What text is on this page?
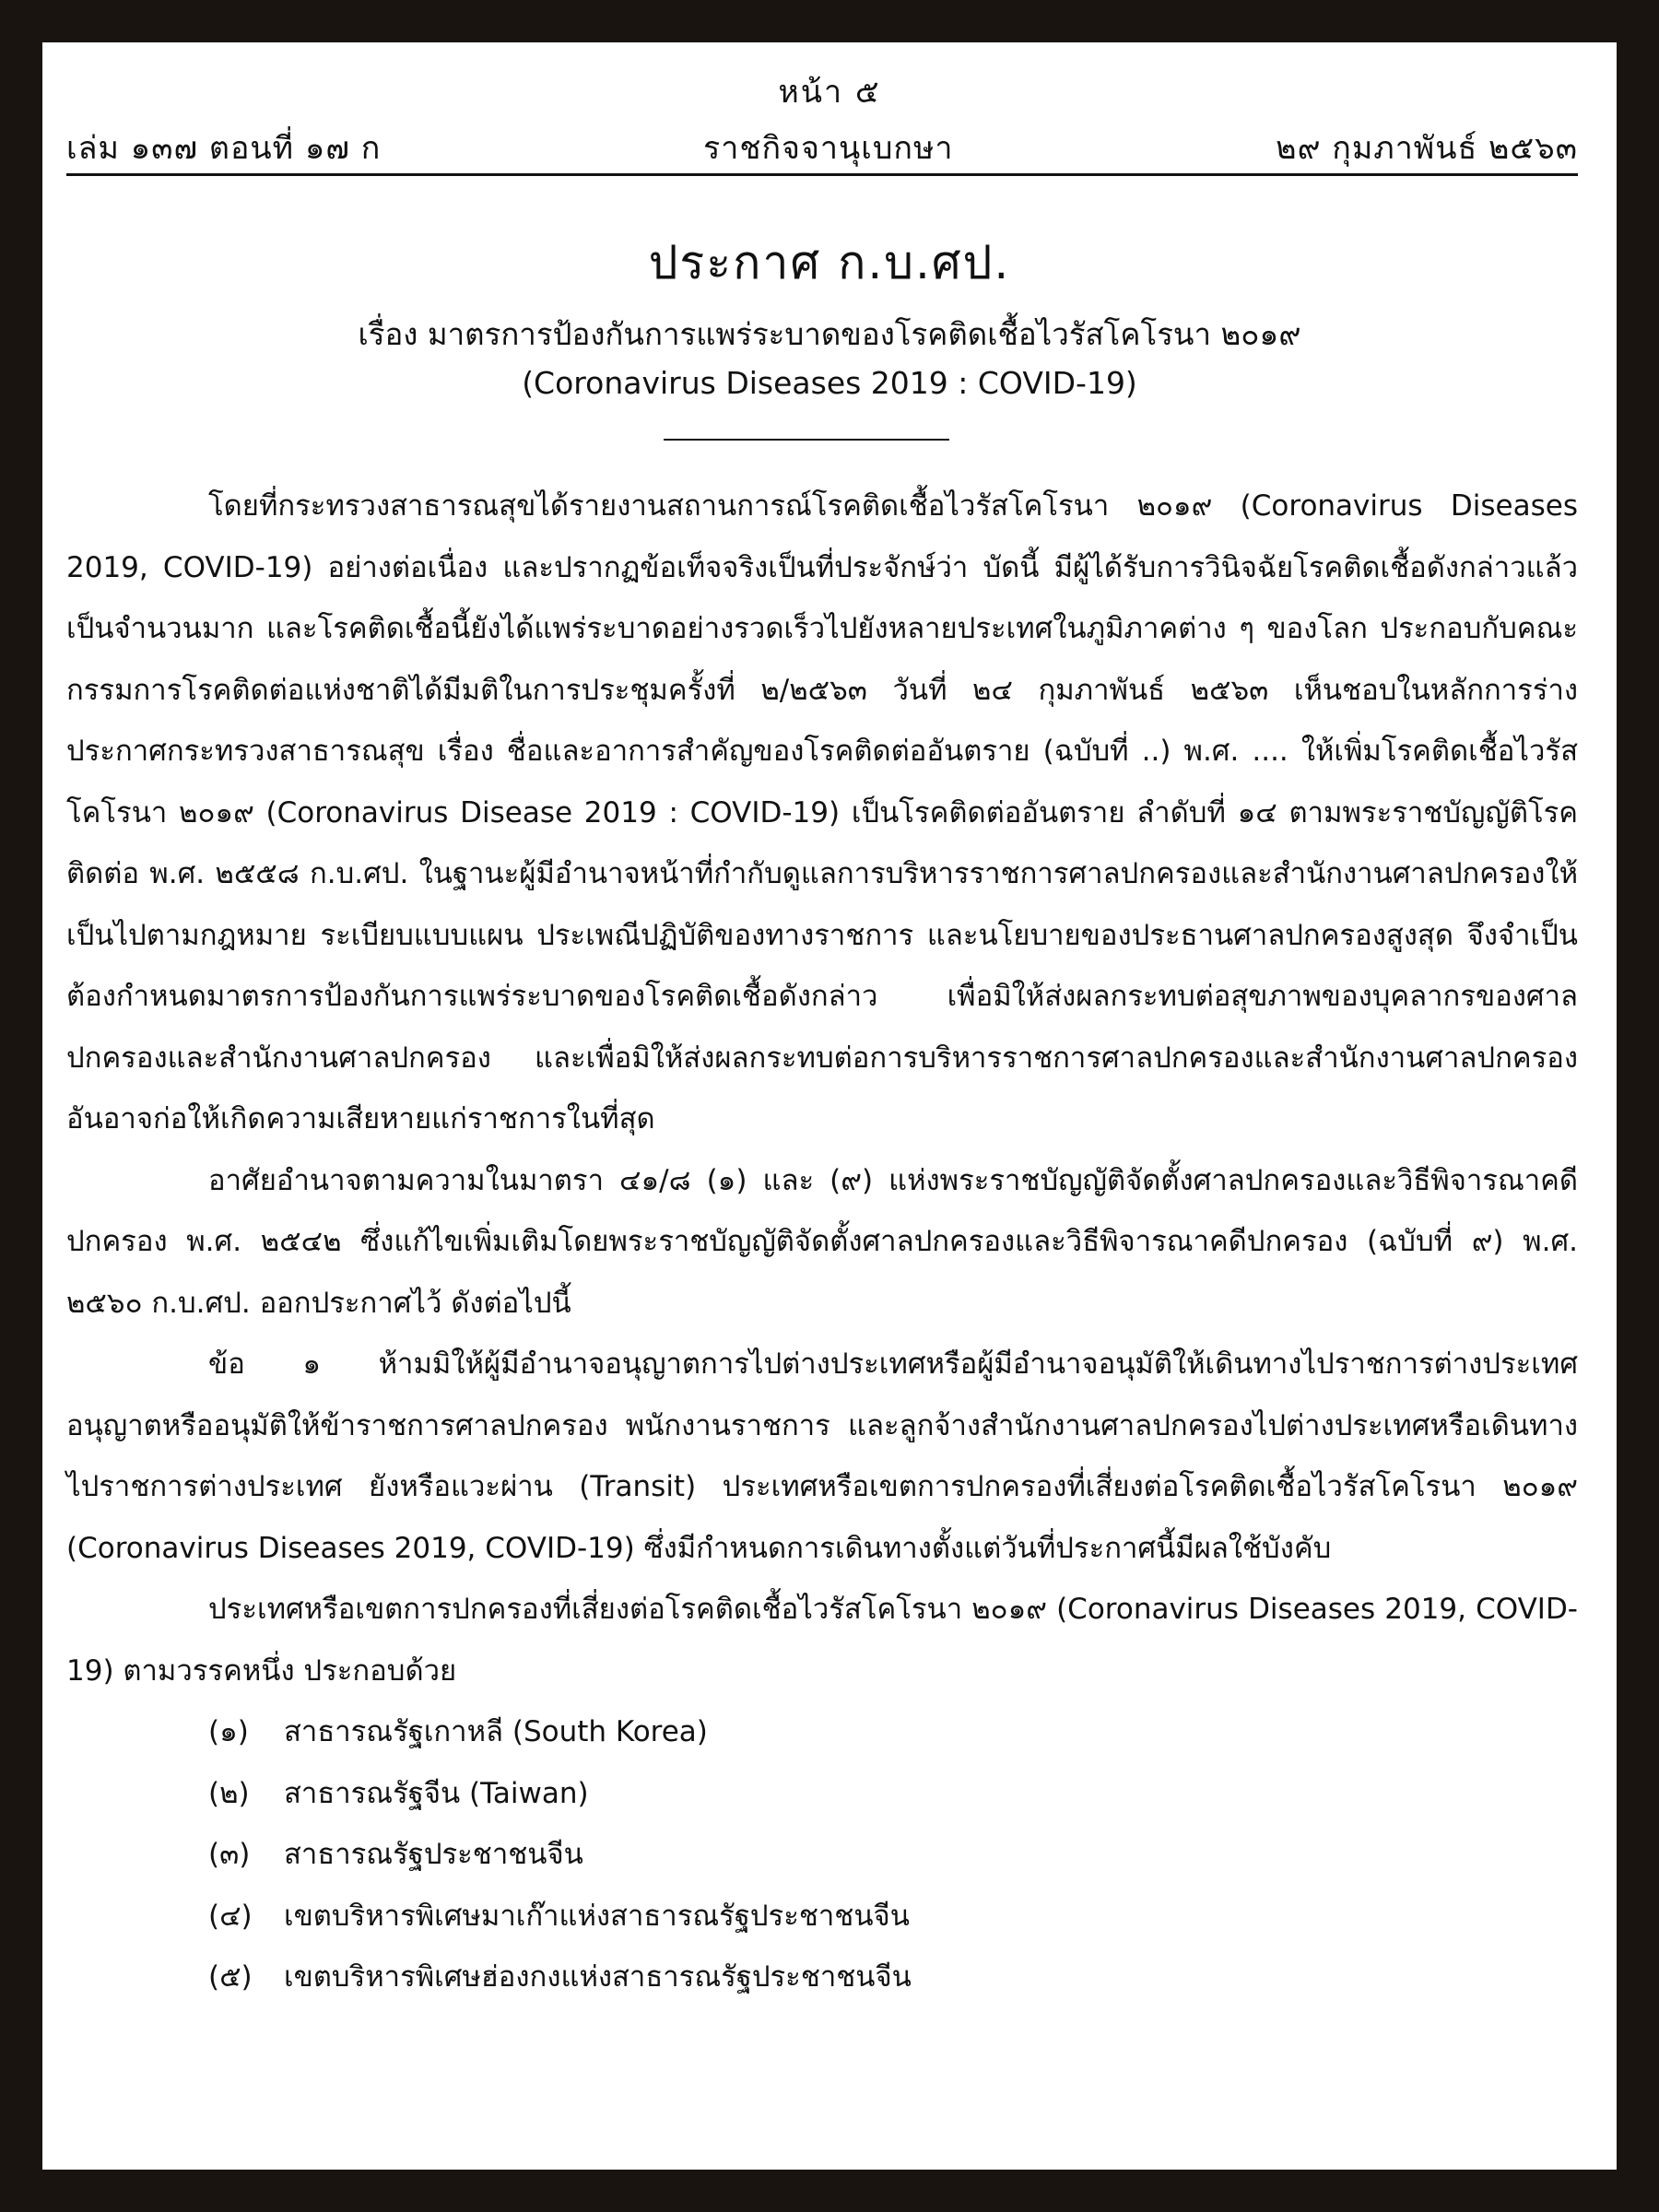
หน้า ๕
เล่ม ๑๓๗ ตอนที่ ๑๗ ก	ราชกิจจานุเบกษา	๒๙ กุมภาพันธ์ ๒๕๖๓
ประกาศ ก.บ.ศป.
เรื่อง มาตรการป้องกันการแพร่ระบาดของโรคติดเชื้อไวรัสโคโรนา ๒๐๑๙
(Coronavirus Diseases 2019 : COVID-19)

โดยที่กระทรวงสาธารณสุขได้รายงานสถานการณ์โรคติดเชื้อไวรัสโคโรนา ๒๐๑๙ (Coronavirus Diseases 2019, COVID-19) อย่างต่อเนื่อง และปรากฏข้อเท็จจริงเป็นที่ประจักษ์ว่า บัดนี้ มีผู้ได้รับการวินิจฉัยโรคติดเชื้อดังกล่าวแล้วเป็นจำนวนมาก และโรคติดเชื้อนี้ยังได้แพร่ระบาดอย่างรวดเร็วไปยังหลายประเทศในภูมิภาคต่าง ๆ ของโลก ประกอบกับคณะกรรมการโรคติดต่อแห่งชาติได้มีมติในการประชุมครั้งที่ ๒/๒๕๖๓ วันที่ ๒๔ กุมภาพันธ์ ๒๕๖๓ เห็นชอบในหลักการร่างประกาศกระทรวงสาธารณสุข เรื่อง ชื่อและอาการสำคัญของโรคติดต่ออันตราย (ฉบับที่ ..) พ.ศ. .... ให้เพิ่มโรคติดเชื้อไวรัสโคโรนา ๒๐๑๙ (Coronavirus Disease 2019 : COVID-19) เป็นโรคติดต่ออันตราย ลำดับที่ ๑๔ ตามพระราชบัญญัติโรคติดต่อ พ.ศ. ๒๕๕๘ ก.บ.ศป. ในฐานะผู้มีอำนาจหน้าที่กำกับดูแลการบริหารราชการศาลปกครองและสำนักงานศาลปกครองให้เป็นไปตามกฎหมาย ระเบียบแบบแผน ประเพณีปฏิบัติของทางราชการ และนโยบายของประธานศาลปกครองสูงสุด จึงจำเป็นต้องกำหนดมาตรการป้องกันการแพร่ระบาดของโรคติดเชื้อดังกล่าว เพื่อมิให้ส่งผลกระทบต่อสุขภาพของบุคลากรของศาลปกครองและสำนักงานศาลปกครอง และเพื่อมิให้ส่งผลกระทบต่อการบริหารราชการศาลปกครองและสำนักงานศาลปกครองอันอาจก่อให้เกิดความเสียหายแก่ราชการในที่สุด

อาศัยอำนาจตามความในมาตรา ๔๑/๘ (๑) และ (๙) แห่งพระราชบัญญัติจัดตั้งศาลปกครองและวิธีพิจารณาคดีปกครอง พ.ศ. ๒๕๔๒ ซึ่งแก้ไขเพิ่มเติมโดยพระราชบัญญัติจัดตั้งศาลปกครองและวิธีพิจารณาคดีปกครอง (ฉบับที่ ๙) พ.ศ. ๒๕๖๐ ก.บ.ศป. ออกประกาศไว้ ดังต่อไปนี้

ข้อ ๑ ห้ามมิให้ผู้มีอำนาจอนุญาตการไปต่างประเทศหรือผู้มีอำนาจอนุมัติให้เดินทางไปราชการต่างประเทศ อนุญาตหรืออนุมัติให้ข้าราชการศาลปกครอง พนักงานราชการ และลูกจ้างสำนักงานศาลปกครองไปต่างประเทศหรือเดินทางไปราชการต่างประเทศ ยังหรือแวะผ่าน (Transit) ประเทศหรือเขตการปกครองที่เสี่ยงต่อโรคติดเชื้อไวรัสโคโรนา ๒๐๑๙ (Coronavirus Diseases 2019, COVID-19) ซึ่งมีกำหนดการเดินทางตั้งแต่วันที่ประกาศนี้มีผลใช้บังคับ

ประเทศหรือเขตการปกครองที่เสี่ยงต่อโรคติดเชื้อไวรัสโคโรนา ๒๐๑๙ (Coronavirus Diseases 2019, COVID-19) ตามวรรคหนึ่ง ประกอบด้วย

(๑) สาธารณรัฐเกาหลี (South Korea)
(๒) สาธารณรัฐจีน (Taiwan)
(๓) สาธารณรัฐประชาชนจีน
(๔) เขตบริหารพิเศษมาเก๊าแห่งสาธารณรัฐประชาชนจีน
(๕) เขตบริหารพิเศษฮ่องกงแห่งสาธารณรัฐประชาชนจีน
